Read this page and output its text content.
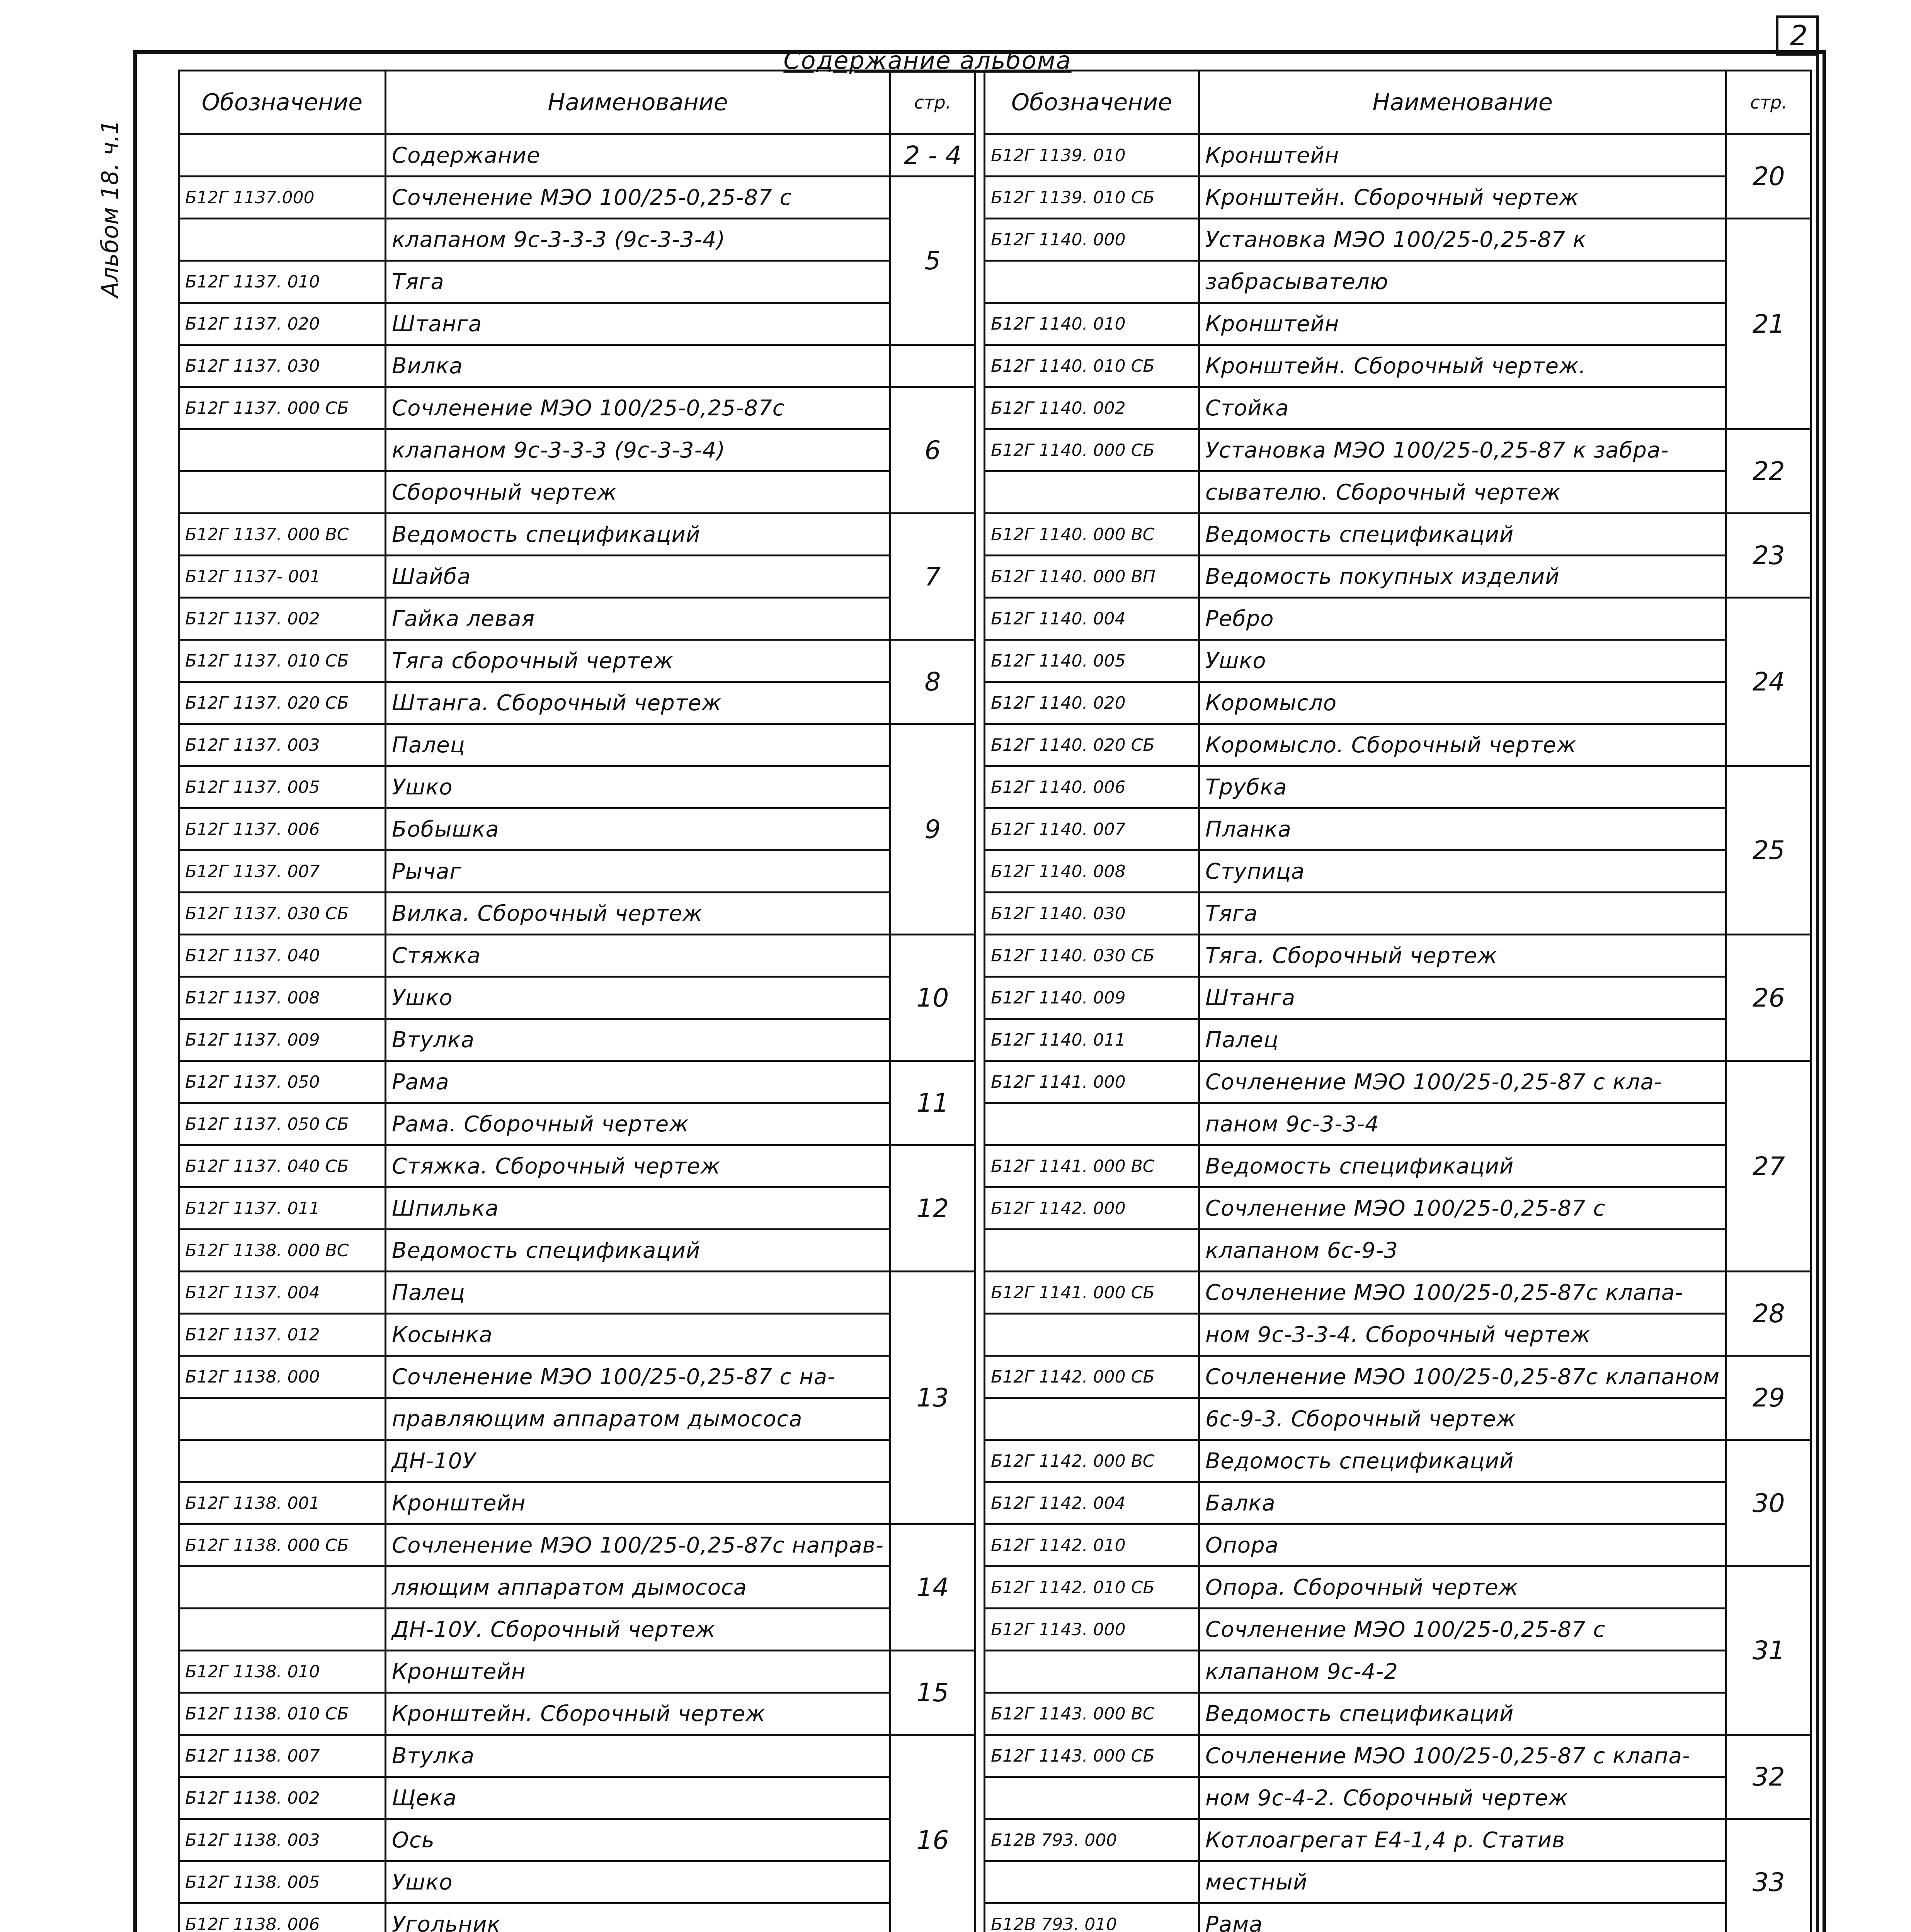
2
Альбом 18. ч.1
Содержание альбома
Обозначение	Наименование	стр.
	Содержание	2 - 4
Б12Г 1137.000	Сочленение МЭО 100/25-0,25-87 с	5
	клапаном 9с-3-3-3 (9с-3-3-4)	
Б12Г 1137. 010	Тяга	
Б12Г 1137. 020	Штанга	
Б12Г 1137. 030	Вилка	
Б12Г 1137. 000 СБ	Сочленение МЭО 100/25-0,25-87с	6
	клапаном 9с-3-3-3 (9с-3-3-4)	
	Сборочный чертеж	
Б12Г 1137. 000 ВС	Ведомость спецификаций	7
Б12Г 1137- 001	Шайба	
Б12Г 1137. 002	Гайка левая	
Б12Г 1137. 010 СБ	Тяга сборочный чертеж	8
Б12Г 1137. 020 СБ	Штанга. Сборочный чертеж	
Б12Г 1137. 003	Палец	9
Б12Г 1137. 005	Ушко	
Б12Г 1137. 006	Бобышка	
Б12Г 1137. 007	Рычаг	
Б12Г 1137. 030 СБ	Вилка. Сборочный чертеж	
Б12Г 1137. 040	Стяжка	10
Б12Г 1137. 008	Ушко	
Б12Г 1137. 009	Втулка	
Б12Г 1137. 050	Рама	11
Б12Г 1137. 050 СБ	Рама. Сборочный чертеж	
Б12Г 1137. 040 СБ	Стяжка. Сборочный чертеж	12
Б12Г 1137. 011	Шпилька	
Б12Г 1138. 000 ВС	Ведомость спецификаций	
Б12Г 1137. 004	Палец	13
Б12Г 1137. 012	Косынка	
Б12Г 1138. 000	Сочленение МЭО 100/25-0,25-87 с на-	
	правляющим аппаратом дымососа	
	ДН-10У	
Б12Г 1138. 001	Кронштейн	
Б12Г 1138. 000 СБ	Сочленение МЭО 100/25-0,25-87с направ-	14
	ляющим аппаратом дымососа	
	ДН-10У. Сборочный чертеж	
Б12Г 1138. 010	Кронштейн	15
Б12Г 1138. 010 СБ	Кронштейн. Сборочный чертеж	
Б12Г 1138. 007	Втулка	16
Б12Г 1138. 002	Щека	
Б12Г 1138. 003	Ось	
Б12Г 1138. 005	Ушко	
Б12Г 1138. 006	Угольник	

Обозначение	Наименование	стр.
Б12Г 1139. 010	Кронштейн	20
Б12Г 1139. 010 СБ	Кронштейн. Сборочный чертеж	
Б12Г 1140. 000	Установка МЭО 100/25-0,25-87 к	21
	забрасывателю	
Б12Г 1140. 010	Кронштейн	
Б12Г 1140. 010 СБ	Кронштейн. Сборочный чертеж.	
Б12Г 1140. 002	Стойка	
Б12Г 1140. 000 СБ	Установка МЭО 100/25-0,25-87 к забра-	22
	сывателю. Сборочный чертеж	
Б12Г 1140. 000 ВС	Ведомость спецификаций	23
Б12Г 1140. 000 ВП	Ведомость покупных изделий	
Б12Г 1140. 004	Ребро	24
Б12Г 1140. 005	Ушко	
Б12Г 1140. 020	Коромысло	
Б12Г 1140. 020 СБ	Коромысло. Сборочный чертеж	
Б12Г 1140. 006	Трубка	25
Б12Г 1140. 007	Планка	
Б12Г 1140. 008	Ступица	
Б12Г 1140. 030	Тяга	
Б12Г 1140. 030 СБ	Тяга. Сборочный чертеж	26
Б12Г 1140. 009	Штанга	
Б12Г 1140. 011	Палец	
Б12Г 1141. 000	Сочленение МЭО 100/25-0,25-87 с кла-	27
	паном 9с-3-3-4	
Б12Г 1141. 000 ВС	Ведомость спецификаций	
Б12Г 1142. 000	Сочленение МЭО 100/25-0,25-87 с	
	клапаном 6с-9-3	
Б12Г 1141. 000 СБ	Сочленение МЭО 100/25-0,25-87с клапа-	28
	ном 9с-3-3-4. Сборочный чертеж	
Б12Г 1142. 000 СБ	Сочленение МЭО 100/25-0,25-87с клапаном	29
	6с-9-3. Сборочный чертеж	
Б12Г 1142. 000 ВС	Ведомость спецификаций	30
Б12Г 1142. 004	Балка	
Б12Г 1142. 010	Опора	
Б12Г 1142. 010 СБ	Опора. Сборочный чертеж	31
Б12Г 1143. 000	Сочленение МЭО 100/25-0,25-87 с	
	клапаном 9с-4-2	
Б12Г 1143. 000 ВС	Ведомость спецификаций	
Б12Г 1143. 000 СБ	Сочленение МЭО 100/25-0,25-87 с клапа-	32
	ном 9с-4-2. Сборочный чертеж	
Б12В 793. 000	Котлоагрегат Е4-1,4 р. Статив	33
	местный	
Б12В 793. 010	Рама	
